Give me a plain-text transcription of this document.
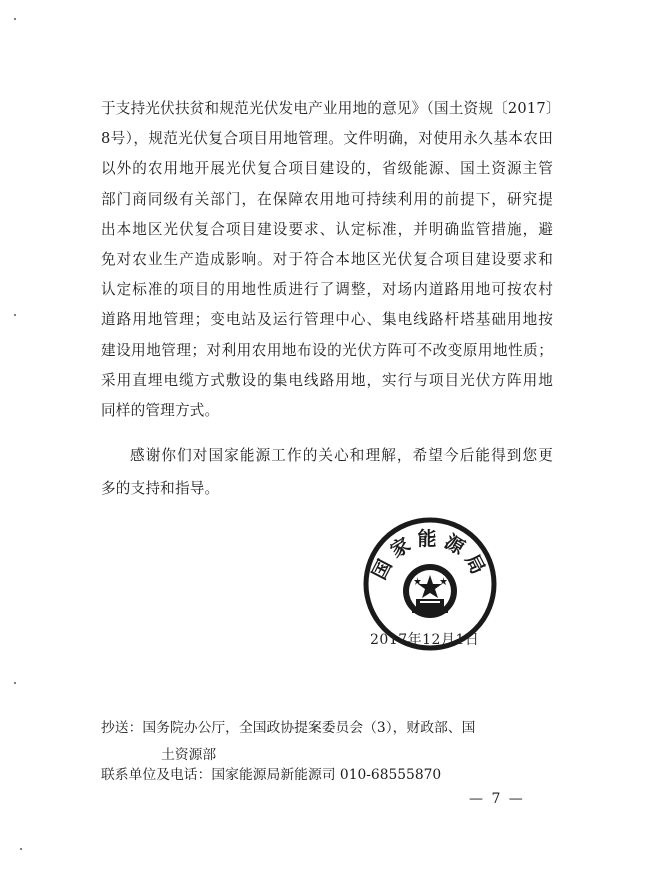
于支持光伏扶贫和规范光伏发电产业用地的意见》（国土资规〔2017〕
8号），规范光伏复合项目用地管理。文件明确，对使用永久基本农田
以外的农用地开展光伏复合项目建设的，省级能源、国土资源主管
部门商同级有关部门，在保障农用地可持续利用的前提下，研究提
出本地区光伏复合项目建设要求、认定标准，并明确监管措施，避
免对农业生产造成影响。对于符合本地区光伏复合项目建设要求和
认定标准的项目的用地性质进行了调整，对场内道路用地可按农村
道路用地管理；变电站及运行管理中心、集电线路杆塔基础用地按
建设用地管理；对利用农用地布设的光伏方阵可不改变原用地性质；
采用直埋电缆方式敷设的集电线路用地，实行与项目光伏方阵用地
同样的管理方式。
感谢你们对国家能源工作的关心和理解，希望今后能得到您更
多的支持和指导。
国家能源局
2017年12月1日
抄送：国务院办公厅，全国政协提案委员会（3），财政部、国
土资源部
联系单位及电话：国家能源局新能源司 010-68555870
— 7 —
